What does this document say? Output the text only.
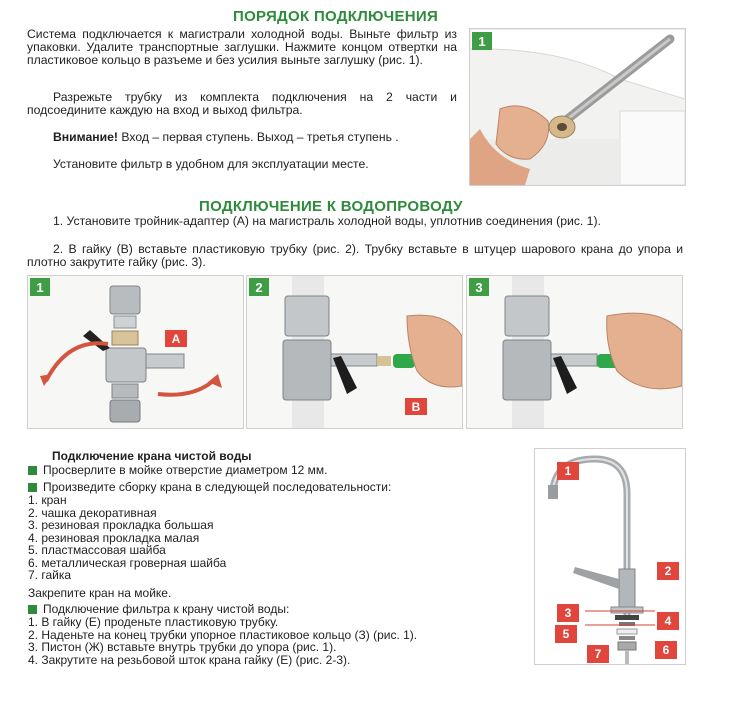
ПОРЯДОК ПОДКЛЮЧЕНИЯ
Система подключается к магистрали холодной воды. Выньте фильтр из упаковки. Удалите транспортные заглушки. Нажмите концом отвертки на пластиковое кольцо в разъеме и без усилия выньте заглушку (рис. 1).
Разрежьте трубку из комплекта подключения на 2 части и подсоедините каждую на вход и выход фильтра.
Внимание! Вход – первая ступень. Выход – третья ступень .
Установите фильтр в удобном для эксплуатации месте.
1
ПОДКЛЮЧЕНИЕ К ВОДОПРОВОДУ
1. Установите тройник-адаптер (А) на магистраль холодной воды, уплотнив соединения (рис. 1).
2. В гайку (В) вставьте пластиковую трубку (рис. 2). Трубку вставьте в штуцер шарового крана до упора и плотно закрутите гайку (рис. 3).
1
A
2
B
3
Подключение крана чистой воды
Просверлите в мойке отверстие диаметром 12 мм.
Произведите сборку крана в следующей последовательности:
1. кран
2. чашка декоративная
3. резиновая прокладка большая
4. резиновая прокладка малая
5. пластмассовая шайба
6. металлическая гроверная шайба
7. гайка
Закрепите кран на мойке.
Подключение фильтра к крану чистой воды:
1. В гайку (Е) проденьте пластиковую трубку.
2. Наденьте на конец трубки упорное пластиковое кольцо (З) (рис. 1).
3. Пистон (Ж) вставьте внутрь трубки до упора (рис. 1).
4. Закрутите на резьбовой шток крана гайку (Е) (рис. 2-3).
1
2
3
4
5
6
7
